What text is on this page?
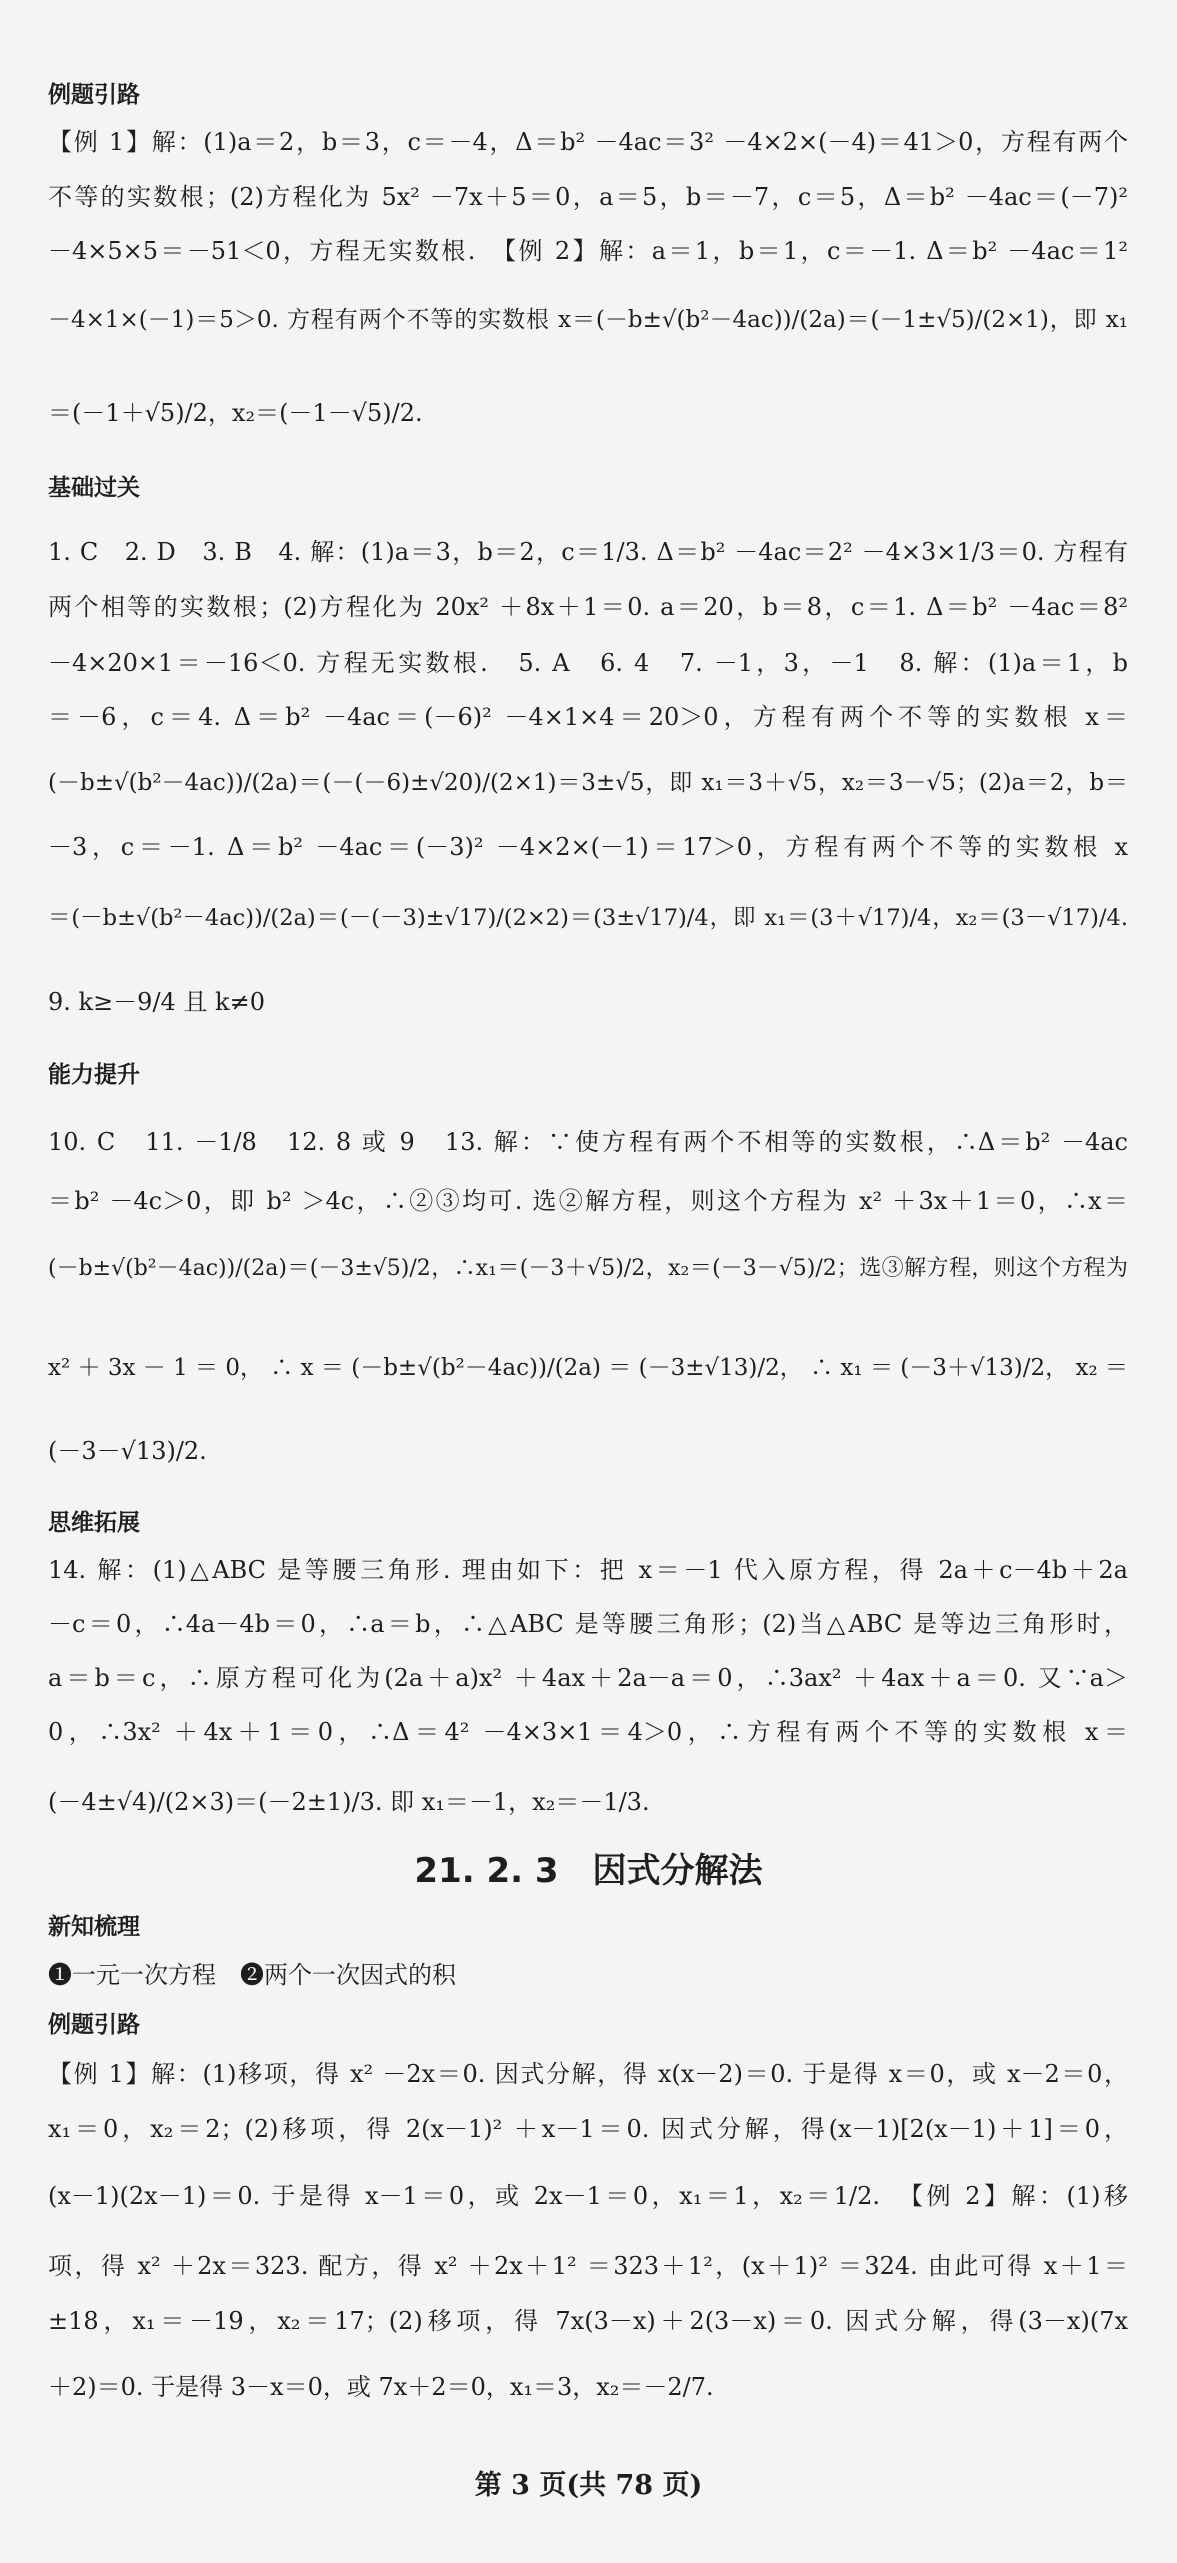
例题引路
【例 1】解：(1)a＝2，b＝3，c＝－4，Δ＝b² －4ac＝3² －4×2×(－4)＝41＞0，方程有两个
不等的实数根；(2)方程化为 5x² －7x＋5＝0，a＝5，b＝－7，c＝5，Δ＝b² －4ac＝(－7)²
－4×5×5＝－51＜0，方程无实数根.　【例 2】解：a＝1，b＝1，c＝－1. Δ＝b² －4ac＝1²
－4×1×(－1)＝5＞0. 方程有两个不等的实数根 x＝(－b±√(b²－4ac))/(2a)＝(－1±√5)/(2×1)，即 x₁
＝(－1＋√5)/2，x₂＝(－1－√5)/2.
基础过关
1. C　2. D　3. B　4. 解：(1)a＝3，b＝2，c＝1/3. Δ＝b² －4ac＝2² －4×3×1/3＝0. 方程有
两个相等的实数根；(2)方程化为 20x² ＋8x＋1＝0. a＝20，b＝8，c＝1. Δ＝b² －4ac＝8²
－4×20×1＝－16＜0. 方程无实数根.　5. A　6. 4　7. －1，3，－1　8. 解：(1)a＝1，b
＝－6，c＝4. Δ＝b² －4ac＝(－6)² －4×1×4＝20＞0，方程有两个不等的实数根 x＝
(－b±√(b²－4ac))/(2a)＝(－(－6)±√20)/(2×1)＝3±√5，即 x₁＝3＋√5，x₂＝3－√5；(2)a＝2，b＝
－3，c＝－1. Δ＝b² －4ac＝(－3)² －4×2×(－1)＝17＞0，方程有两个不等的实数根 x
＝(－b±√(b²－4ac))/(2a)＝(－(－3)±√17)/(2×2)＝(3±√17)/4，即 x₁＝(3＋√17)/4，x₂＝(3－√17)/4.
9. k≥－9/4 且 k≠0
能力提升
10. C　11. －1/8　12. 8 或 9　13. 解：∵使方程有两个不相等的实数根，∴Δ＝b² －4ac
＝b² －4c＞0，即 b² ＞4c，∴②③均可. 选②解方程，则这个方程为 x² ＋3x＋1＝0，∴x＝
(－b±√(b²－4ac))/(2a)＝(－3±√5)/2，∴x₁＝(－3＋√5)/2，x₂＝(－3－√5)/2；选③解方程，则这个方程为
x² ＋ 3x － 1 ＝ 0， ∴ x ＝ (－b±√(b²－4ac))/(2a) ＝ (－3±√13)/2， ∴ x₁ ＝ (－3＋√13)/2， x₂ ＝
(－3－√13)/2.
思维拓展
14. 解：(1)△ABC 是等腰三角形. 理由如下：把 x＝－1 代入原方程，得 2a＋c－4b＋2a
－c＝0，∴4a－4b＝0，∴a＝b，∴△ABC 是等腰三角形；(2)当△ABC 是等边三角形时，
a＝b＝c，∴原方程可化为(2a＋a)x² ＋4ax＋2a－a＝0，∴3ax² ＋4ax＋a＝0. 又∵a＞
0，∴3x² ＋4x＋1＝0，∴Δ＝4² －4×3×1＝4＞0，∴方程有两个不等的实数根 x＝
(－4±√4)/(2×3)＝(－2±1)/3. 即 x₁＝－1，x₂＝－1/3.
21. 2. 3　因式分解法
新知梳理
❶一元一次方程　❷两个一次因式的积
例题引路
【例 1】解：(1)移项，得 x² －2x＝0. 因式分解，得 x(x－2)＝0. 于是得 x＝0，或 x－2＝0，
x₁＝0，x₂＝2；(2)移项，得 2(x－1)² ＋x－1＝0. 因式分解，得(x－1)[2(x－1)＋1]＝0，
(x－1)(2x－1)＝0. 于是得 x－1＝0，或 2x－1＝0，x₁＝1，x₂＝1/2.　【例 2】解：(1)移
项，得 x² ＋2x＝323. 配方，得 x² ＋2x＋1² ＝323＋1²，(x＋1)² ＝324. 由此可得 x＋1＝
±18，x₁＝－19，x₂＝17；(2)移项，得 7x(3－x)＋2(3－x)＝0. 因式分解，得(3－x)(7x
＋2)＝0. 于是得 3－x＝0，或 7x＋2＝0，x₁＝3，x₂＝－2/7.
第 3 页(共 78 页)
